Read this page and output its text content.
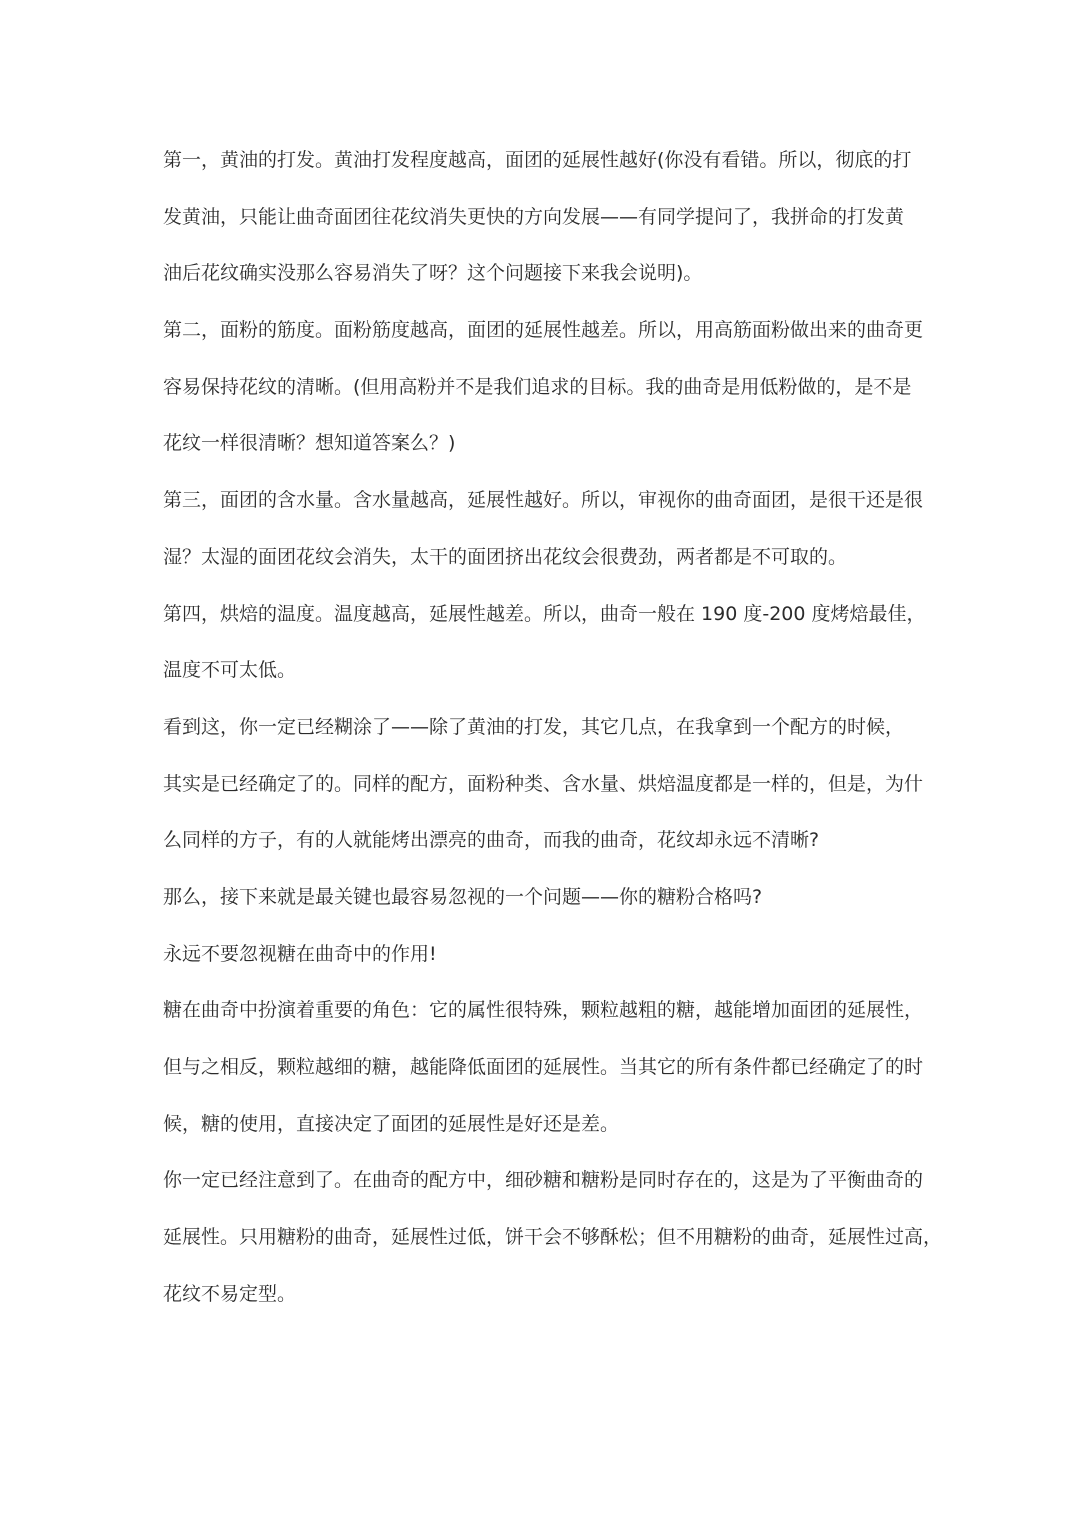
第一，黄油的打发。黄油打发程度越高，面团的延展性越好(你没有看错。所以，彻底的打
发黄油，只能让曲奇面团往花纹消失更快的方向发展——有同学提问了，我拼命的打发黄
油后花纹确实没那么容易消失了呀？这个问题接下来我会说明)。
第二，面粉的筋度。面粉筋度越高，面团的延展性越差。所以，用高筋面粉做出来的曲奇更
容易保持花纹的清晰。(但用高粉并不是我们追求的目标。我的曲奇是用低粉做的，是不是
花纹一样很清晰？想知道答案么？)
第三，面团的含水量。含水量越高，延展性越好。所以，审视你的曲奇面团，是很干还是很
湿？太湿的面团花纹会消失，太干的面团挤出花纹会很费劲，两者都是不可取的。
第四，烘焙的温度。温度越高，延展性越差。所以，曲奇一般在 190 度-200 度烤焙最佳，
温度不可太低。
看到这，你一定已经糊涂了——除了黄油的打发，其它几点，在我拿到一个配方的时候，
其实是已经确定了的。同样的配方，面粉种类、含水量、烘焙温度都是一样的，但是，为什
么同样的方子，有的人就能烤出漂亮的曲奇，而我的曲奇，花纹却永远不清晰?
那么，接下来就是最关键也最容易忽视的一个问题——你的糖粉合格吗?
永远不要忽视糖在曲奇中的作用!
糖在曲奇中扮演着重要的角色：它的属性很特殊，颗粒越粗的糖，越能增加面团的延展性，
但与之相反，颗粒越细的糖，越能降低面团的延展性。当其它的所有条件都已经确定了的时
候，糖的使用，直接决定了面团的延展性是好还是差。
你一定已经注意到了。在曲奇的配方中，细砂糖和糖粉是同时存在的，这是为了平衡曲奇的
延展性。只用糖粉的曲奇，延展性过低，饼干会不够酥松；但不用糖粉的曲奇，延展性过高，
花纹不易定型。
